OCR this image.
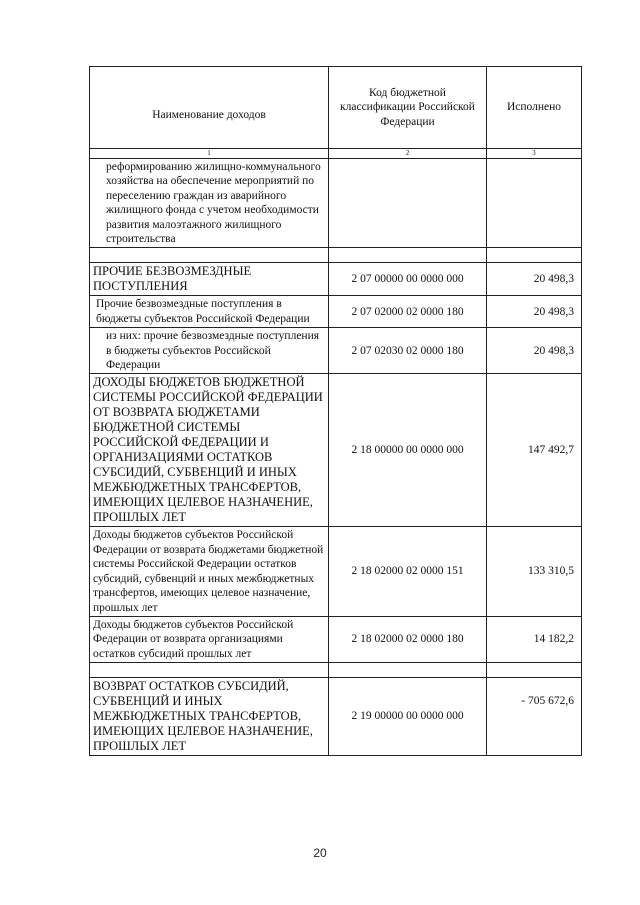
Наименование доходов	Код бюджетной классификации Российской Федерации	Исполнено
1	2	3
реформированию жилищно-коммунального хозяйства на обеспечение мероприятий по переселению граждан из аварийного жилищного фонда с учетом необходимости развития малоэтажного жилищного строительства		

ПРОЧИЕ БЕЗВОЗМЕЗДНЫЕ ПОСТУПЛЕНИЯ	2 07 00000 00 0000 000	20 498,3
Прочие безвозмездные поступления в бюджеты субъектов Российской Федерации	2 07 02000 02 0000 180	20 498,3
из них: прочие безвозмездные поступления в бюджеты субъектов Российской Федерации	2 07 02030 02 0000 180	20 498,3
ДОХОДЫ БЮДЖЕТОВ БЮДЖЕТНОЙ СИСТЕМЫ РОССИЙСКОЙ ФЕДЕРАЦИИ ОТ ВОЗВРАТА БЮДЖЕТАМИ БЮДЖЕТНОЙ СИСТЕМЫ РОССИЙСКОЙ ФЕДЕРАЦИИ И ОРГАНИЗАЦИЯМИ ОСТАТКОВ СУБСИДИЙ, СУБВЕНЦИЙ И ИНЫХ МЕЖБЮДЖЕТНЫХ ТРАНСФЕРТОВ, ИМЕЮЩИХ ЦЕЛЕВОЕ НАЗНАЧЕНИЕ, ПРОШЛЫХ ЛЕТ	2 18 00000 00 0000 000	147 492,7
Доходы бюджетов субъектов Российской Федерации от возврата бюджетами бюджетной системы Российской Федерации остатков субсидий, субвенций и иных межбюджетных трансфертов, имеющих целевое назначение, прошлых лет	2 18 02000 02 0000 151	133 310,5
Доходы бюджетов субъектов Российской Федерации от возврата организациями остатков субсидий прошлых лет	2 18 02000 02 0000 180	14 182,2

ВОЗВРАТ ОСТАТКОВ СУБСИДИЙ, СУБВЕНЦИЙ И ИНЫХ МЕЖБЮДЖЕТНЫХ ТРАНСФЕРТОВ, ИМЕЮЩИХ ЦЕЛЕВОЕ НАЗНАЧЕНИЕ, ПРОШЛЫХ ЛЕТ	2 19 00000 00 0000 000	- 705 672,6
20
